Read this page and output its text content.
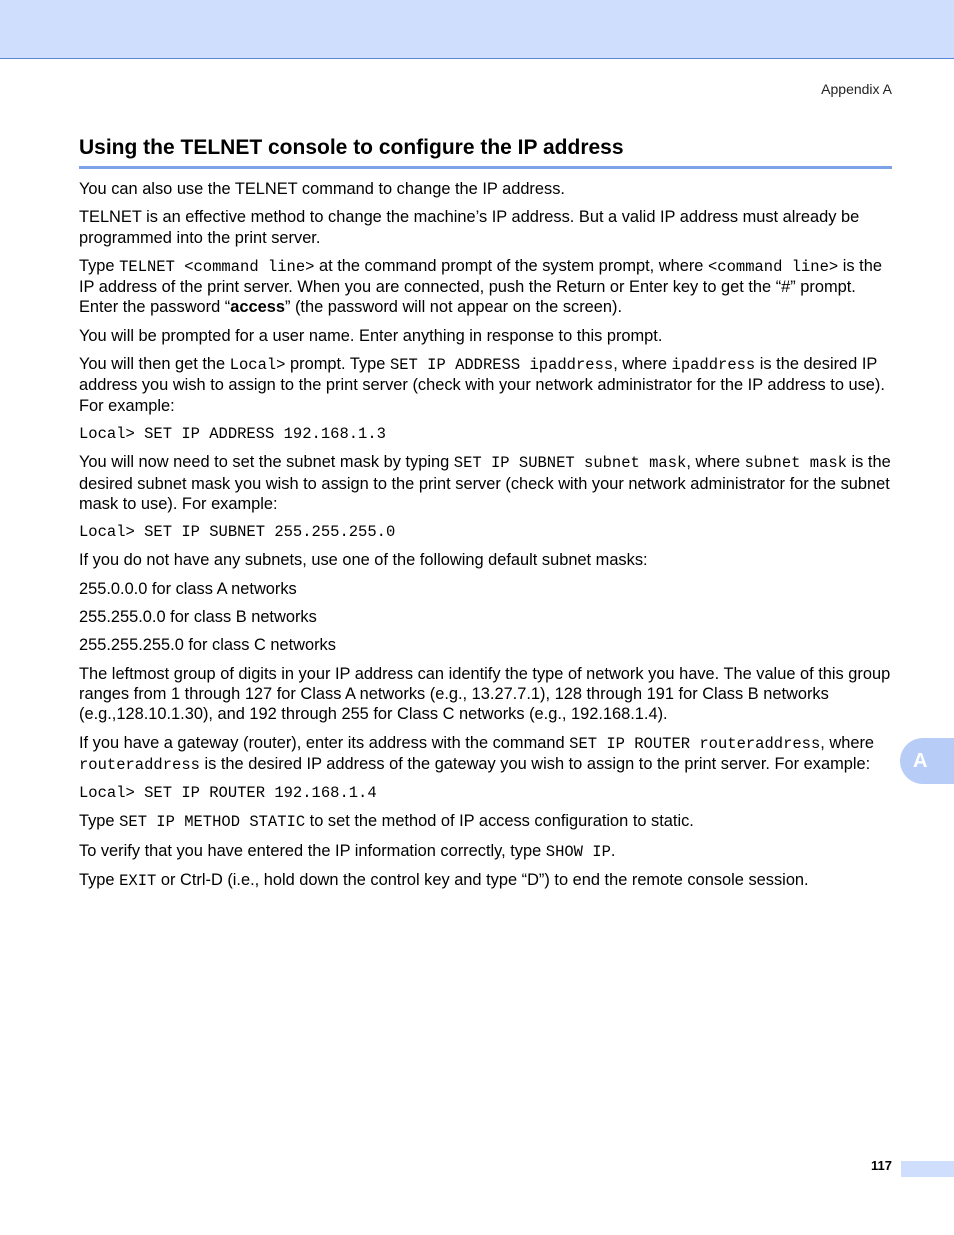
Appendix A
Using the TELNET console to configure the IP address

You can also use the TELNET command to change the IP address.

TELNET is an effective method to change the machine’s IP address. But a valid IP address must already be programmed into the print server.

Type TELNET <command line> at the command prompt of the system prompt, where <command line> is the IP address of the print server. When you are connected, push the Return or Enter key to get the “#” prompt. Enter the password “access” (the password will not appear on the screen).

You will be prompted for a user name. Enter anything in response to this prompt.

You will then get the Local> prompt. Type SET IP ADDRESS ipaddress, where ipaddress is the desired IP address you wish to assign to the print server (check with your network administrator for the IP address to use). For example:

Local> SET IP ADDRESS 192.168.1.3

You will now need to set the subnet mask by typing SET IP SUBNET subnet mask, where subnet mask is the desired subnet mask you wish to assign to the print server (check with your network administrator for the subnet mask to use). For example:

Local> SET IP SUBNET 255.255.255.0

If you do not have any subnets, use one of the following default subnet masks:

255.0.0.0 for class A networks

255.255.0.0 for class B networks

255.255.255.0 for class C networks

The leftmost group of digits in your IP address can identify the type of network you have. The value of this group ranges from 1 through 127 for Class A networks (e.g., 13.27.7.1), 128 through 191 for Class B networks (e.g.,128.10.1.30), and 192 through 255 for Class C networks (e.g., 192.168.1.4).

If you have a gateway (router), enter its address with the command SET IP ROUTER routeraddress, where routeraddress is the desired IP address of the gateway you wish to assign to the print server. For example:

Local> SET IP ROUTER 192.168.1.4

Type SET IP METHOD STATIC to set the method of IP access configuration to static.

To verify that you have entered the IP information correctly, type SHOW IP.

Type EXIT or Ctrl-D (i.e., hold down the control key and type “D”) to end the remote console session.

A
117
